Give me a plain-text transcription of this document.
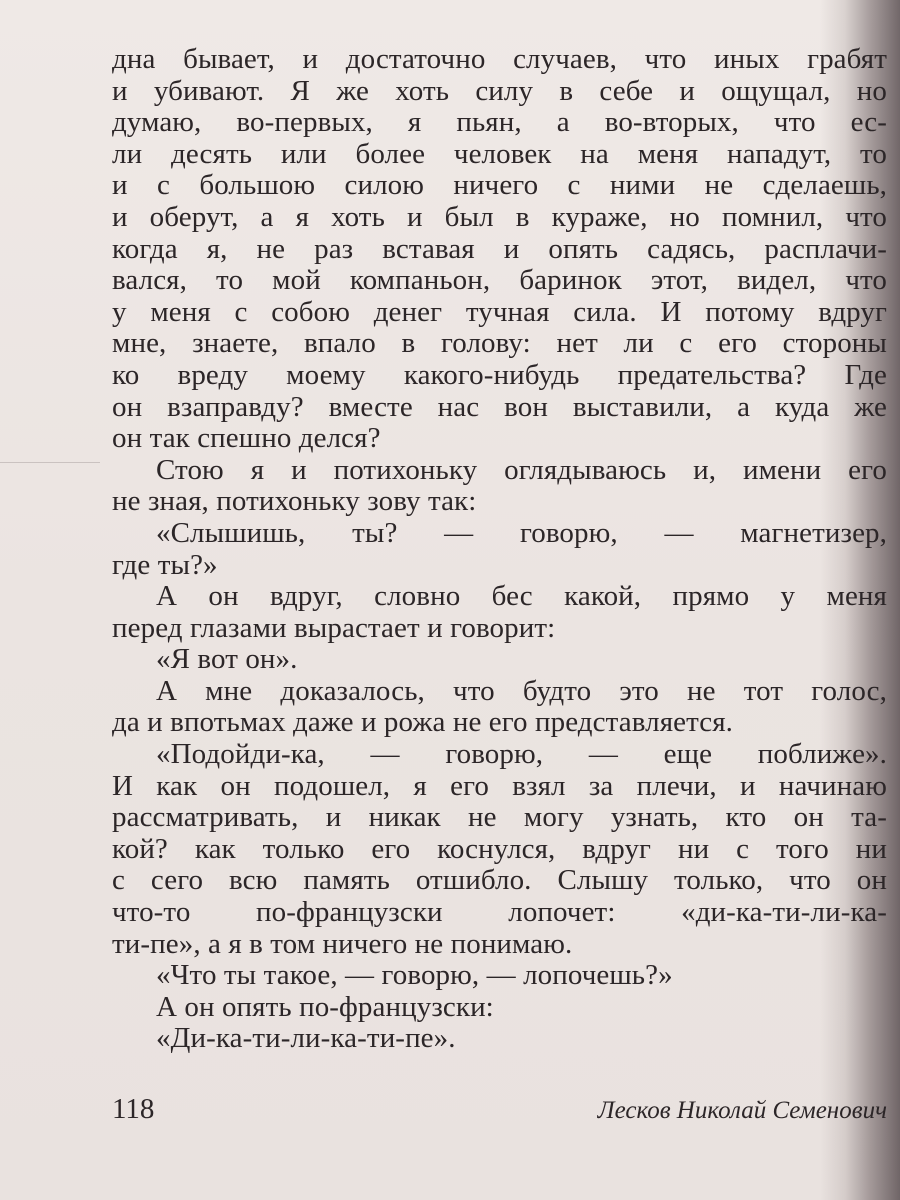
дна бывает, и достаточно случаев, что иных грабят
и убивают. Я же хоть силу в себе и ощущал, но
думаю, во-первых, я пьян, а во-вторых, что ес-
ли десять или более человек на меня нападут, то
и с большою силою ничего с ними не сделаешь,
и оберут, а я хоть и был в кураже, но помнил, что
когда я, не раз вставая и опять садясь, расплачи-
вался, то мой компаньон, баринок этот, видел, что
у меня с собою денег тучная сила. И потому вдруг
мне, знаете, впало в голову: нет ли с его стороны
ко вреду моему какого-нибудь предательства? Где
он взаправду? вместе нас вон выставили, а куда же
он так спешно делся?
Стою я и потихоньку оглядываюсь и, имени его
не зная, потихоньку зову так:
«Слышишь, ты? — говорю, — магнетизер,
где ты?»
А он вдруг, словно бес какой, прямо у меня
перед глазами вырастает и говорит:
«Я вот он».
А мне доказалось, что будто это не тот голос,
да и впотьмах даже и рожа не его представляется.
«Подойди-ка, — говорю, — еще поближе».
И как он подошел, я его взял за плечи, и начинаю
рассматривать, и никак не могу узнать, кто он та-
кой? как только его коснулся, вдруг ни с того ни
с сего всю память отшибло. Слышу только, что он
что-то по-французски лопочет: «ди-ка-ти-ли-ка-
ти-пе», а я в том ничего не понимаю.
«Что ты такое, — говорю, — лопочешь?»
А он опять по-французски:
«Ди-ка-ти-ли-ка-ти-пе».
118	Лесков Николай Семенович
